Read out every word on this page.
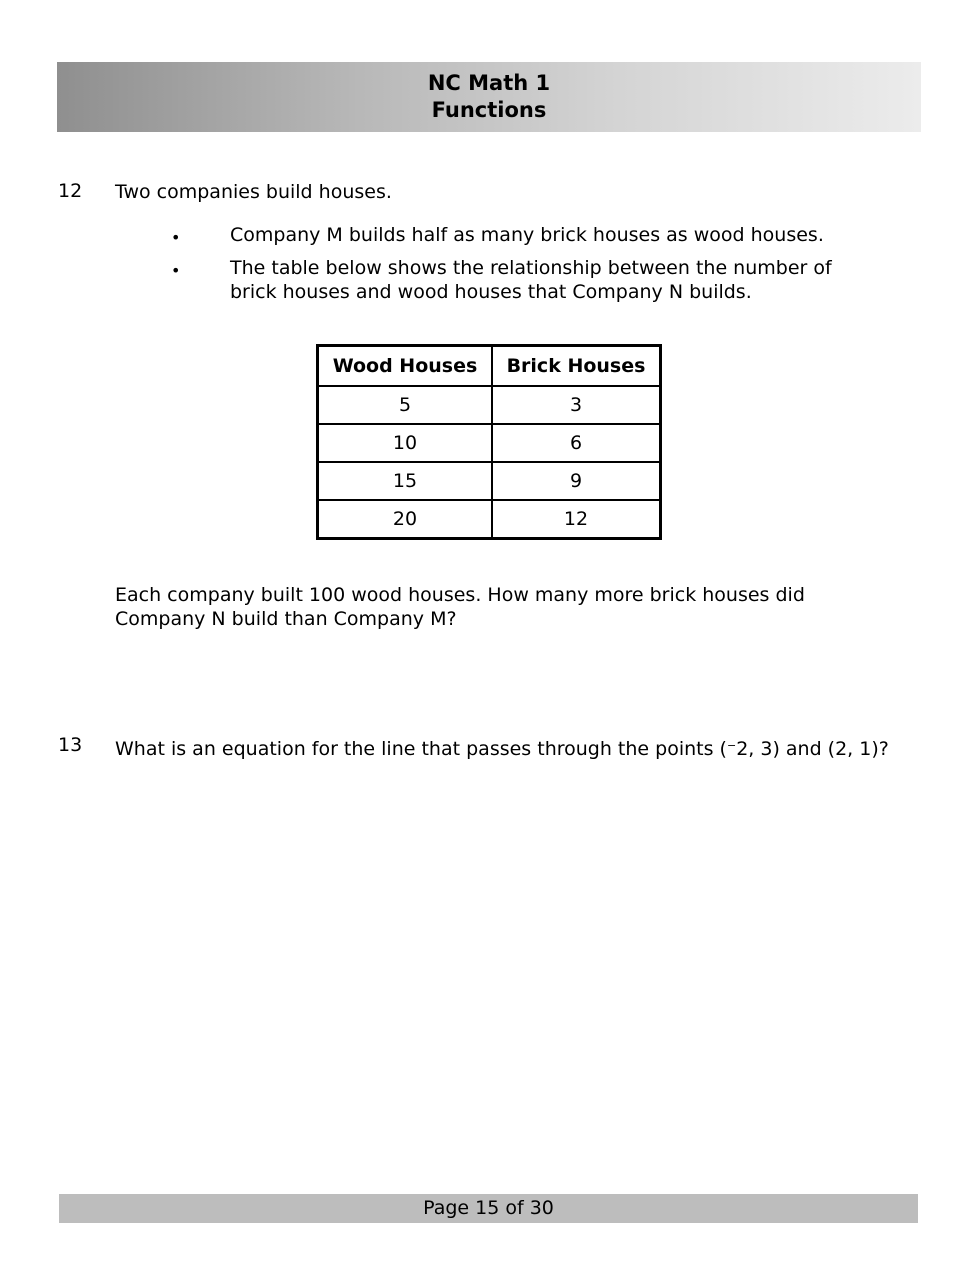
NC Math 1
Functions
12 Two companies build houses.
•	Company M builds half as many brick houses as wood houses.
•	The table below shows the relationship between the number of brick houses and wood houses that Company N builds.
Wood Houses	Brick Houses
5	3
10	6
15	9
20	12
Each company built 100 wood houses. How many more brick houses did Company N build than Company M?
13 What is an equation for the line that passes through the points (−2, 3) and (2, 1)?
Page 15 of 30
